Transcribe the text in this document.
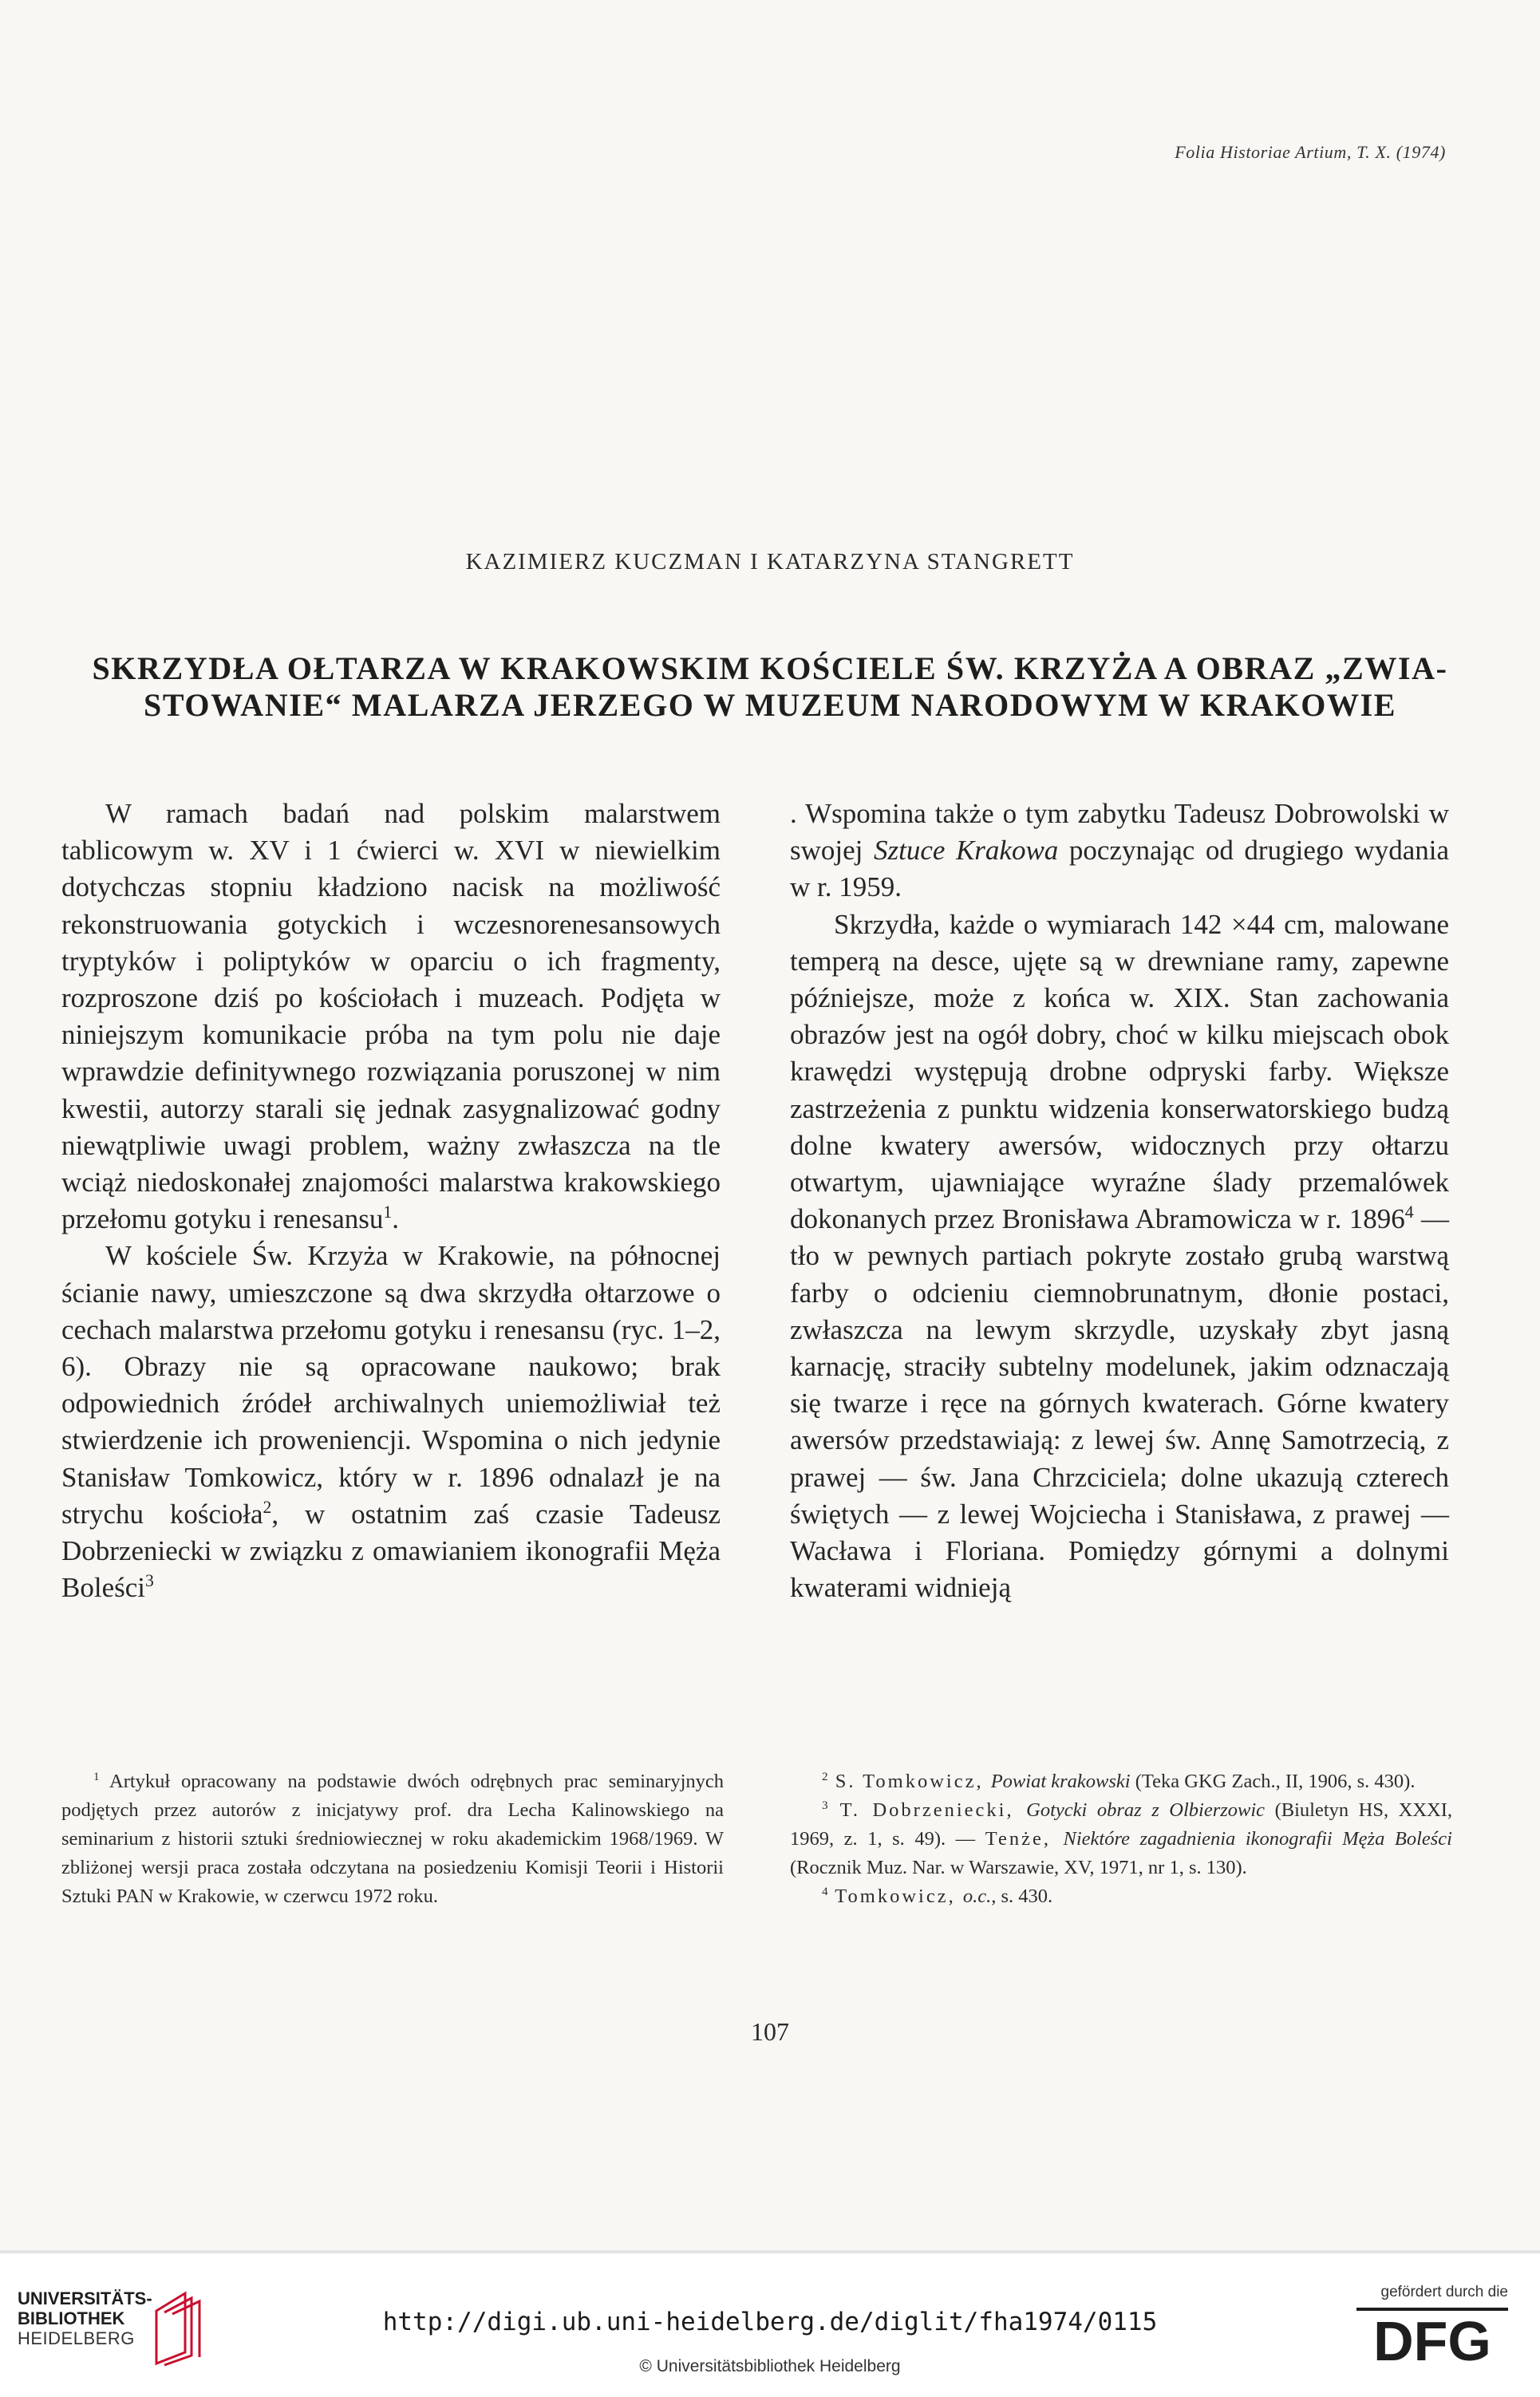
Folia Historiae Artium, T. X. (1974)
KAZIMIERZ KUCZMAN I KATARZYNA STANGRETT
SKRZYDŁA OŁTARZA W KRAKOWSKIM KOŚCIELE ŚW. KRZYŻA A OBRAZ „ZWIA-
STOWANIE“ MALARZA JERZEGO W MUZEUM NARODOWYM W KRAKOWIE

W ramach badań nad polskim malarstwem tablicowym w. XV i 1 ćwierci w. XVI w niewielkim dotychczas stopniu kładziono nacisk na możliwość rekonstruowania gotyckich i wczesnorenesansowych tryptyków i poliptyków w oparciu o ich fragmenty, rozproszone dziś po kościołach i muzeach. Podjęta w niniejszym komunikacie próba na tym polu nie daje wprawdzie definitywnego rozwiązania poruszonej w nim kwestii, autorzy starali się jednak zasygnalizować godny niewątpliwie uwagi problem, ważny zwłaszcza na tle wciąż niedoskonałej znajomości malarstwa krakowskiego przełomu gotyku i renesansu$^1$.

W kościele Św. Krzyża w Krakowie, na północnej ścianie nawy, umieszczone są dwa skrzydła ołtarzowe o cechach malarstwa przełomu gotyku i renesansu (ryc. 1–2, 6). Obrazy nie są opracowane naukowo; brak odpowiednich źródeł archiwalnych uniemożliwiał też stwierdzenie ich proweniencji. Wspomina o nich jedynie Stanisław Tomkowicz, który w r. 1896 odnalazł je na strychu kościoła$^2$, w ostatnim zaś czasie Tadeusz Dobrzeniecki w związku z omawianiem ikonografii Męża Boleści$^3$

. Wspomina także o tym zabytku Tadeusz Dobrowolski w swojej Sztuce Krakowa poczynając od drugiego wydania w r. 1959.

Skrzydła, każde o wymiarach 142 ×44 cm, malowane temperą na desce, ujęte są w drewniane ramy, zapewne późniejsze, może z końca w. XIX. Stan zachowania obrazów jest na ogół dobry, choć w kilku miejscach obok krawędzi występują drobne odpryski farby. Większe zastrzeżenia z punktu widzenia konserwatorskiego budzą dolne kwatery awersów, widocznych przy ołtarzu otwartym, ujawniające wyraźne ślady przemalówek dokonanych przez Bronisława Abramowicza w r. 1896$^4$ — tło w pewnych partiach pokryte zostało grubą warstwą farby o odcieniu ciemnobrunatnym, dłonie postaci, zwłaszcza na lewym skrzydle, uzyskały zbyt jasną karnację, straciły subtelny modelunek, jakim odznaczają się twarze i ręce na górnych kwaterach. Górne kwatery awersów przedstawiają: z lewej św. Annę Samotrzecią, z prawej — św. Jana Chrzciciela; dolne ukazują czterech świętych — z lewej Wojciecha i Stanisława, z prawej — Wacława i Floriana. Pomiędzy górnymi a dolnymi kwaterami widnieją

$^1$ Artykuł opracowany na podstawie dwóch odrębnych prac seminaryjnych podjętych przez autorów z inicjatywy prof. dra Lecha Kalinowskiego na seminarium z historii sztuki średniowiecznej w roku akademickim 1968/1969. W zbliżonej wersji praca została odczytana na posiedzeniu Komisji Teorii i Historii Sztuki PAN w Krakowie, w czerwcu 1972 roku.

$^2$ S. Tomkowicz, Powiat krakowski (Teka GKG Zach., II, 1906, s. 430).

$^3$ T. Dobrzeniecki, Gotycki obraz z Olbierzowic (Biuletyn HS, XXXI, 1969, z. 1, s. 49). — Tenże, Niektóre zagadnienia ikonografii Męża Boleści (Rocznik Muz. Nar. w Warszawie, XV, 1971, nr 1, s. 130).

$^4$ Tomkowicz, o.c., s. 430.

107
UNIVERSITÄTS-
BIBLIOTHEK
HEIDELBERG
http://digi.ub.uni-heidelberg.de/diglit/fha1974/0115
© Universitätsbibliothek Heidelberg
gefördert durch die
DFG
